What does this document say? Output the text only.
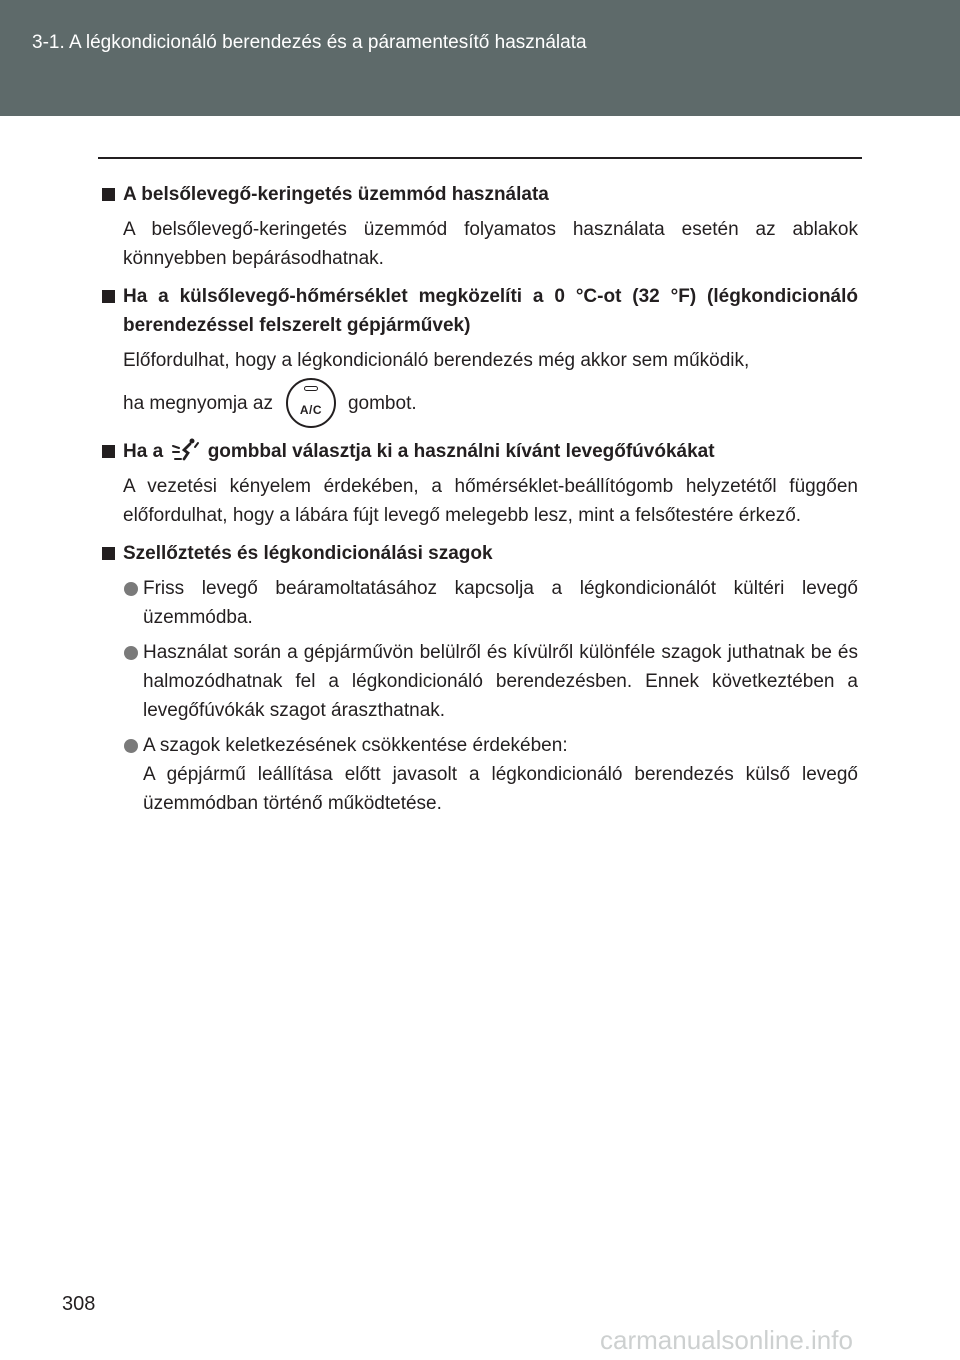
3-1. A légkondicionáló berendezés és a páramentesítő használata
A belsőlevegő-keringetés üzemmód használata
A belsőlevegő-keringetés üzemmód folyamatos használata esetén az ablakok könnyebben bepárásodhatnak.
Ha a külsőlevegő-hőmérséklet megközelíti a 0 °C-ot (32 °F) (légkondicionáló berendezéssel felszerelt gépjárművek)
Előfordulhat, hogy a légkondicionáló berendezés még akkor sem működik,
ha megnyomja az	A/C	gombot.
Ha a gombbal választja ki a használni kívánt levegőfúvókákat
A vezetési kényelem érdekében, a hőmérséklet-beállítógomb helyzetétől függően előfordulhat, hogy a lábára fújt levegő melegebb lesz, mint a felsőtestére érkező.
Szellőztetés és légkondicionálási szagok
Friss levegő beáramoltatásához kapcsolja a légkondicionálót kültéri levegő üzemmódba.
Használat során a gépjárművön belülről és kívülről különféle szagok juthatnak be és halmozódhatnak fel a légkondicionáló berendezésben. Ennek következtében a levegőfúvókák szagot áraszthatnak.
A szagok keletkezésének csökkentése érdekében:
A gépjármű leállítása előtt javasolt a légkondicionáló berendezés külső levegő üzemmódban történő működtetése.
308
carmanualsonline.info
